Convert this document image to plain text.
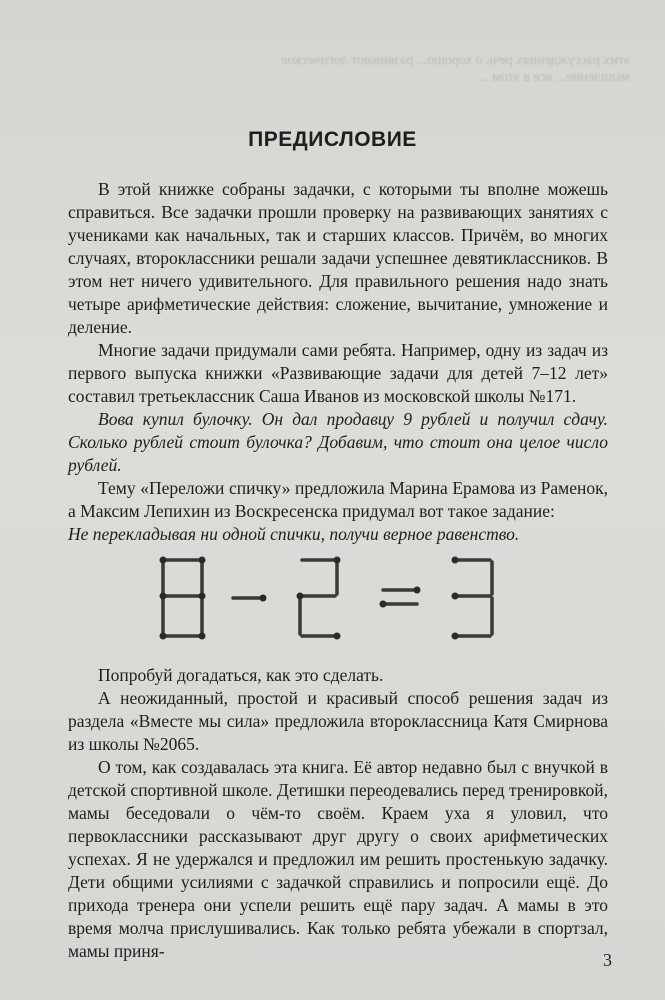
этих рассуждениях речь о хорошо... развивают логическое мышление... все в этом ...
ПРЕДИСЛОВИЕ

В этой книжке собраны задачки, с которыми ты вполне можешь справиться. Все задачки прошли проверку на развивающих занятиях с учениками как начальных, так и старших классов. Причём, во многих случаях, второклассники решали задачи успешнее девятиклассников. В этом нет ничего удивительного. Для правильного решения надо знать четыре арифметические действия: сложение, вычитание, умножение и деление.

Многие задачи придумали сами ребята. Например, одну из задач из первого выпуска книжки «Развивающие задачи для детей 7–12 лет» составил третьеклассник Саша Иванов из московской школы №171.

Вова купил булочку. Он дал продавцу 9 рублей и получил сдачу. Сколько рублей стоит булочка? Добавим, что стоит она целое число рублей.

Тему «Переложи спичку» предложила Марина Ерамова из Раменок, а Максим Лепихин из Воскресенска придумал вот такое задание:

Не перекладывая ни одной спички, получи верное равенство.

Попробуй догадаться, как это сделать.

А неожиданный, простой и красивый способ решения задач из раздела «Вместе мы сила» предложила второклассница Катя Смирнова из школы №2065.

О том, как создавалась эта книга. Её автор недавно был с внучкой в детской спортивной школе. Детишки переодевались перед тренировкой, мамы беседовали о чём-то своём. Краем уха я уловил, что первоклассники рассказывают друг другу о своих арифметических успехах. Я не удержался и предложил им решить простенькую задачку. Дети общими усилиями с задачкой справились и попросили ещё. До прихода тренера они успели решить ещё пару задач. А мамы в это время молча прислушивались. Как только ребята убежали в спортзал, мамы приня-	3
